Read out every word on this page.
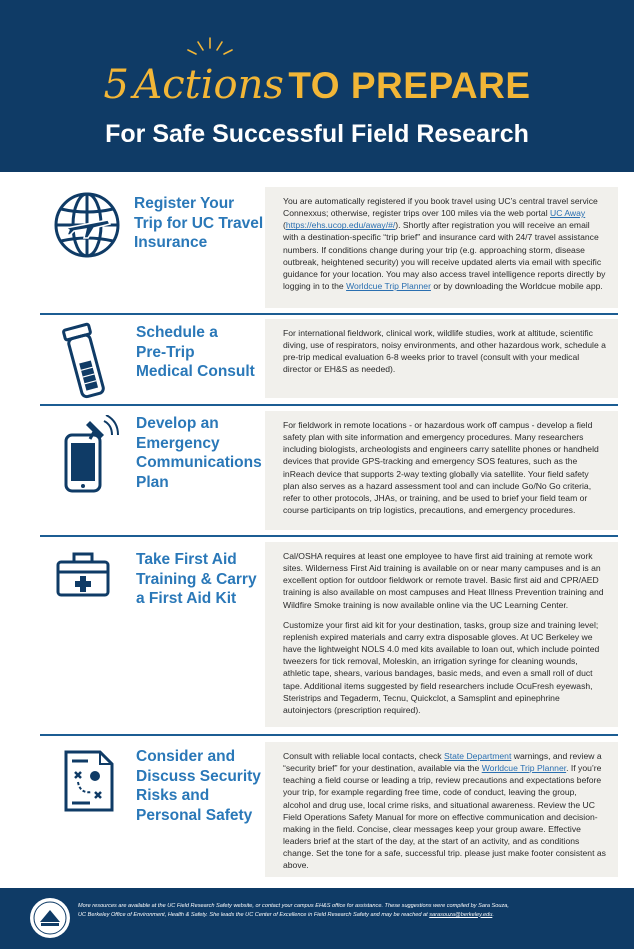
5 Actions TO PREPARE
For Safe Successful Field Research
Register Your
Trip for UC Travel
Insurance

You are automatically registered if you book travel using UC’s central travel service Connexxus; otherwise, register trips over 100 miles via the web portal UC Away (https://ehs.ucop.edu/away/#/). Shortly after registration you will receive an email with a destination-specific “trip brief” and insurance card with 24/7 travel assistance numbers. If conditions change during your trip (e.g. approaching storm, disease outbreak, heightened security) you will receive updated alerts via email with specific guidance for your location. You may also access travel intelligence reports directly by logging in to the Worldcue Trip Planner or by downloading the Worldcue mobile app.

Schedule a
Pre-Trip
Medical Consult

For international fieldwork, clinical work, wildlife studies, work at altitude, scientific diving, use of respirators, noisy environments, and other hazardous work, schedule a pre-trip medical evaluation 6-8 weeks prior to travel (consult with your medical director or EH&S as needed).

Develop an
Emergency
Communications
Plan

For fieldwork in remote locations - or hazardous work off campus - develop a field safety plan with site information and emergency procedures. Many researchers including biologists, archeologists and engineers carry satellite phones or handheld devices that provide GPS-tracking and emergency SOS features, such as the inReach device that supports 2-way texting globally via satellite. Your field safety plan also serves as a hazard assessment tool and can include Go/No Go criteria, refer to other protocols, JHAs, or training, and be used to brief your field team or course participants on trip logistics, precautions, and emergency procedures.

Take First Aid
Training & Carry
a First Aid Kit

Cal/OSHA requires at least one employee to have first aid training at remote work sites. Wilderness First Aid training is available on or near many campuses and is an excellent option for outdoor fieldwork or remote travel. Basic first aid and CPR/AED training is also available on most campuses and Heat Illness Prevention training and Wildfire Smoke training is now available online via the UC Learning Center.

Customize your first aid kit for your destination, tasks, group size and training level; replenish expired materials and carry extra disposable gloves. At UC Berkeley we have the lightweight NOLS 4.0 med kits available to loan out, which include pointed tweezers for tick removal, Moleskin, an irrigation syringe for cleaning wounds, athletic tape, shears, various bandages, basic meds, and even a small roll of duct tape. Additional items suggested by field researchers include OcuFresh eyewash, Steristrips and Tegaderm, Tecnu, Quickclot, a Samsplint and epinephrine autoinjectors (prescription required).

Consider and
Discuss Security
Risks and
Personal Safety

Consult with reliable local contacts, check State Department warnings, and review a “security brief” for your destination, available via the Worldcue Trip Planner. If you’re teaching a field course or leading a trip, review precautions and expectations before your trip, for example regarding free time, code of conduct, leaving the group, alcohol and drug use, local crime risks, and situational awareness. Review the UC Field Operations Safety Manual for more on effective communication and decision-making in the field. Concise, clear messages keep your group aware. Effective leaders brief at the start of the day, at the start of an activity, and as conditions change. Set the tone for a safe, successful trip. please just make footer consistent as above.

More resources are available at the UC Field Research Safety website, or contact your campus EH&S office for assistance. These suggestions were compiled by Sara Souza,
UC Berkeley Office of Environment, Health & Safety. She leads the UC Center of Excellence in Field Research Safety and may be reached at sarasouza@berkeley.edu.
